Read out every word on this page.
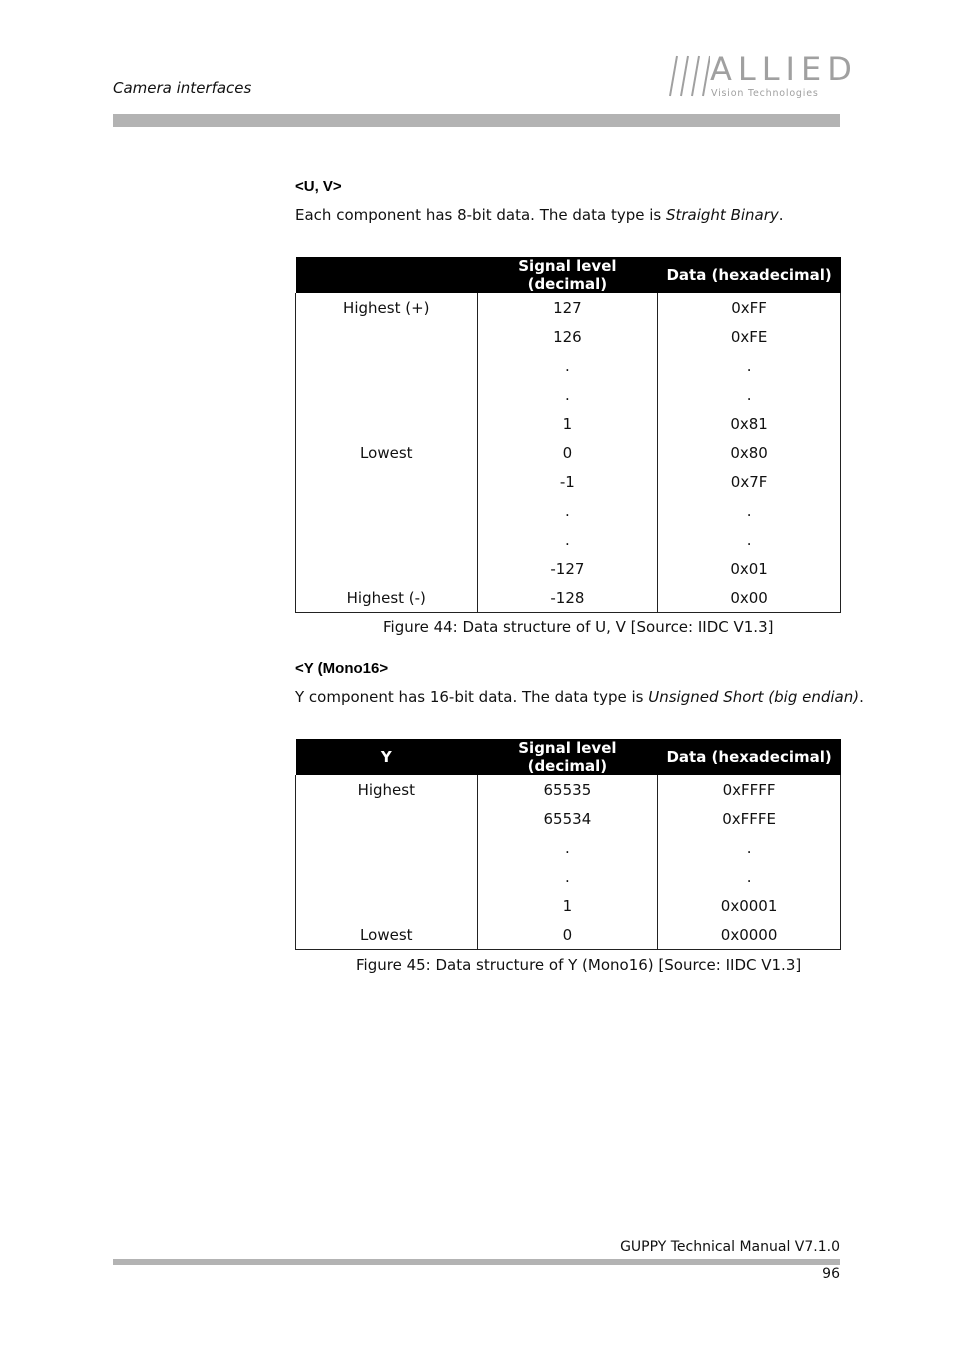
Camera interfaces	ALLIED
Vision Technologies
<U, V>
Each component has 8-bit data. The data type is Straight Binary.
	Signal level (decimal)	Data (hexadecimal)
Highest (+)	127	0xFF
	126	0xFE
	.	.
	.	.
	1	0x81
Lowest	0	0x80
	-1	0x7F
	.	.
	.	.
	-127	0x01
Highest (-)	-128	0x00
Figure 44: Data structure of U, V [Source: IIDC V1.3]
<Y (Mono16>
Y component has 16-bit data. The data type is Unsigned Short (big endian).
Y	Signal level (decimal)	Data (hexadecimal)
Highest	65535	0xFFFF
	65534	0xFFFE
	.	.
	.	.
	1	0x0001
Lowest	0	0x0000
Figure 45: Data structure of Y (Mono16) [Source: IIDC V1.3]
GUPPY Technical Manual V7.1.0
96
